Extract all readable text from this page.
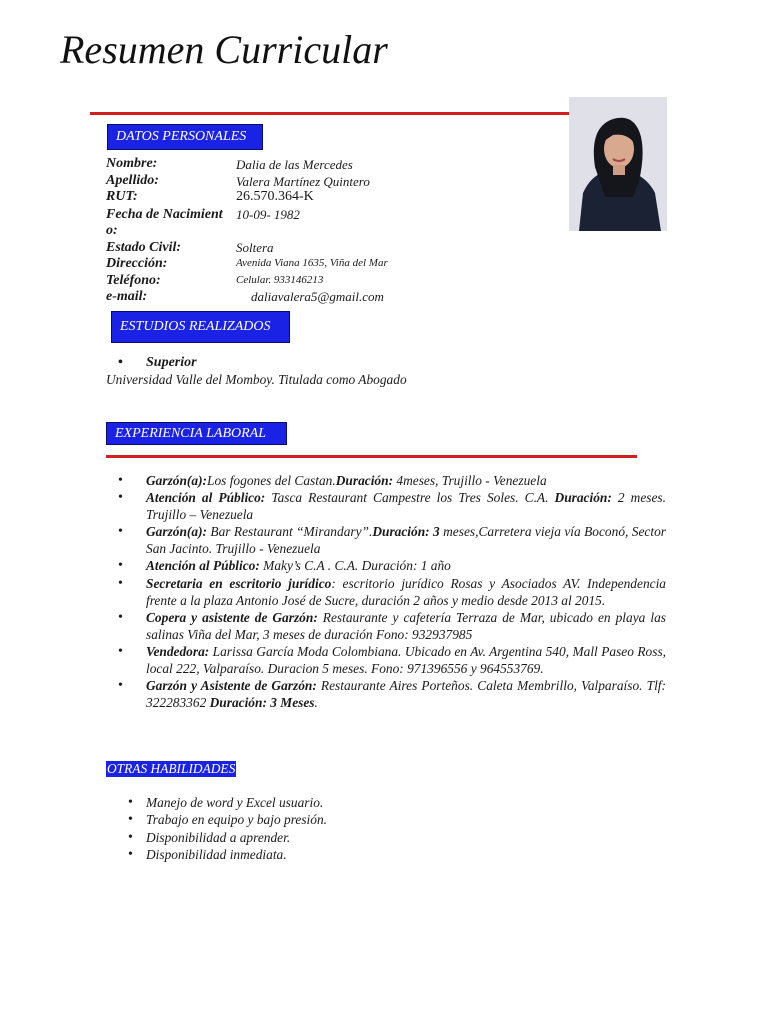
Resumen Curricular
DATOS PERSONALES
Nombre:	Dalia de las Mercedes
Apellido:	Valera Martínez Quintero
RUT:	26.570.364-K
Fecha de Nacimient
o:
10-09- 1982
Estado Civil:	Soltera
Dirección:	Avenida Viana 1635, Viña del Mar
Teléfono:	Celular. 933146213
e-mail:	daliavalera5@gmail.com
ESTUDIOS REALIZADOS
• Superior
Universidad Valle del Momboy. Titulada como Abogado
EXPERIENCIA LABORAL
• Garzón(a):Los fogones del Castan.Duración: 4meses, Trujillo - Venezuela
• Atención al Público: Tasca Restaurant Campestre los Tres Soles. C.A. Duración: 2 meses. Trujillo – Venezuela
• Garzón(a): Bar Restaurant “Mirandary”.Duración: 3 meses,Carretera vieja vía Boconó, Sector San Jacinto. Trujillo - Venezuela
• Atención al Público: Maky’s C.A . C.A. Duración: 1 año
• Secretaria en escritorio jurídico: escritorio jurídico Rosas y Asociados AV. Independencia frente a la plaza Antonio José de Sucre, duración 2 años y medio desde 2013 al 2015.
• Copera y asistente de Garzón: Restaurante y cafetería Terraza de Mar, ubicado en playa las salinas Viña del Mar, 3 meses de duración Fono: 932937985
• Vendedora: Larissa García Moda Colombiana. Ubicado en Av. Argentina 540, Mall Paseo Ross, local 222, Valparaíso. Duracion 5 meses. Fono: 971396556 y 964553769.
• Garzón y Asistente de Garzón: Restaurante Aires Porteños. Caleta Membrillo, Valparaíso. Tlf: 322283362 Duración: 3 Meses.
OTRAS HABILIDADES
• Manejo de word y Excel usuario.
• Trabajo en equipo y bajo presión.
• Disponibilidad a aprender.
• Disponibilidad inmediata.
